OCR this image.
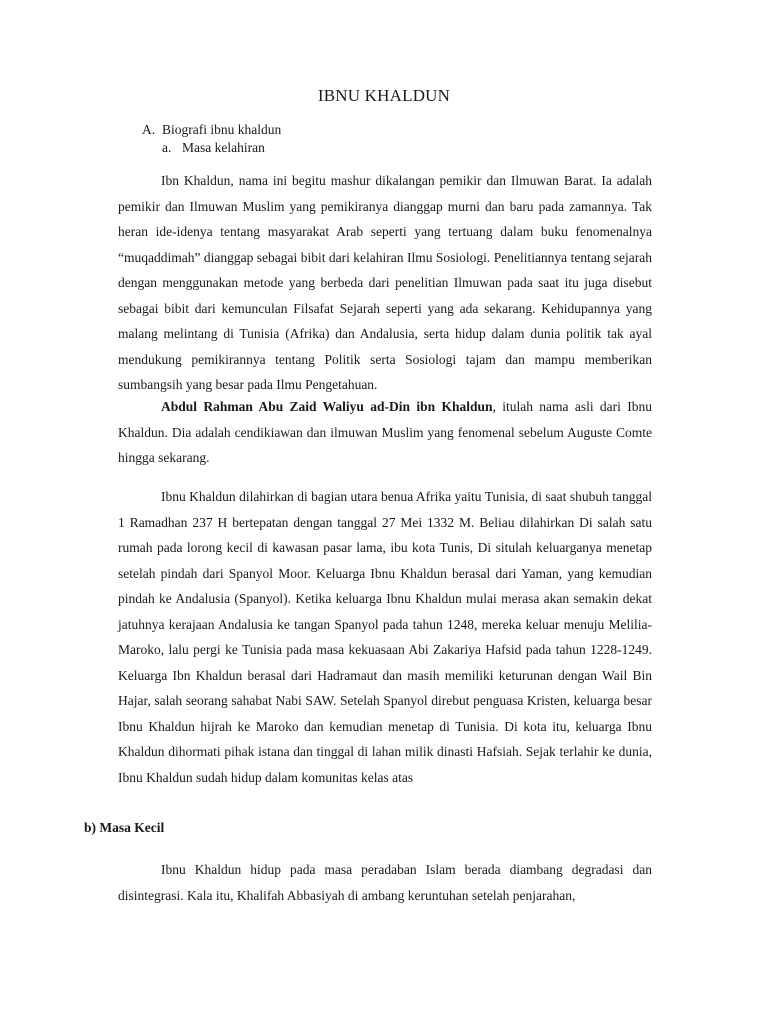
IBNU KHALDUN
A. Biografi ibnu khaldun
a. Masa kelahiran

Ibn Khaldun, nama ini begitu mashur dikalangan pemikir dan Ilmuwan Barat. Ia adalah pemikir dan Ilmuwan Muslim yang pemikiranya dianggap murni dan baru pada zamannya. Tak heran ide-idenya tentang masyarakat Arab seperti yang tertuang dalam buku fenomenalnya “muqaddimah” dianggap sebagai bibit dari kelahiran Ilmu Sosiologi. Penelitiannya tentang sejarah dengan menggunakan metode yang berbeda dari penelitian Ilmuwan pada saat itu juga disebut sebagai bibit dari kemunculan Filsafat Sejarah seperti yang ada sekarang. Kehidupannya yang malang melintang di Tunisia (Afrika) dan Andalusia, serta hidup dalam dunia politik tak ayal mendukung pemikirannya tentang Politik serta Sosiologi tajam dan mampu memberikan sumbangsih yang besar pada Ilmu Pengetahuan.

Abdul Rahman Abu Zaid Waliyu ad-Din ibn Khaldun, itulah nama asli dari Ibnu Khaldun. Dia adalah cendikiawan dan ilmuwan Muslim yang fenomenal sebelum Auguste Comte hingga sekarang.

Ibnu Khaldun dilahirkan di bagian utara benua Afrika yaitu Tunisia, di saat shubuh tanggal 1 Ramadhan 237 H bertepatan dengan tanggal 27 Mei 1332 M. Beliau dilahirkan Di salah satu rumah pada lorong kecil di kawasan pasar lama, ibu kota Tunis, Di situlah keluarganya menetap setelah pindah dari Spanyol Moor. Keluarga Ibnu Khaldun berasal dari Yaman, yang kemudian pindah ke Andalusia (Spanyol). Ketika keluarga Ibnu Khaldun mulai merasa akan semakin dekat jatuhnya kerajaan Andalusia ke tangan Spanyol pada tahun 1248, mereka keluar menuju Melilia-Maroko, lalu pergi ke Tunisia pada masa kekuasaan Abi Zakariya Hafsid pada tahun 1228-1249. Keluarga Ibn Khaldun berasal dari Hadramaut dan masih memiliki keturunan dengan Wail Bin Hajar, salah seorang sahabat Nabi SAW. Setelah Spanyol direbut penguasa Kristen, keluarga besar Ibnu Khaldun hijrah ke Maroko dan kemudian menetap di Tunisia. Di kota itu, keluarga Ibnu Khaldun dihormati pihak istana dan tinggal di lahan milik dinasti Hafsiah. Sejak terlahir ke dunia, Ibnu Khaldun sudah hidup dalam komunitas kelas atas

b) Masa Kecil

Ibnu Khaldun hidup pada masa peradaban Islam berada diambang degradasi dan disintegrasi. Kala itu, Khalifah Abbasiyah di ambang keruntuhan setelah penjarahan,
